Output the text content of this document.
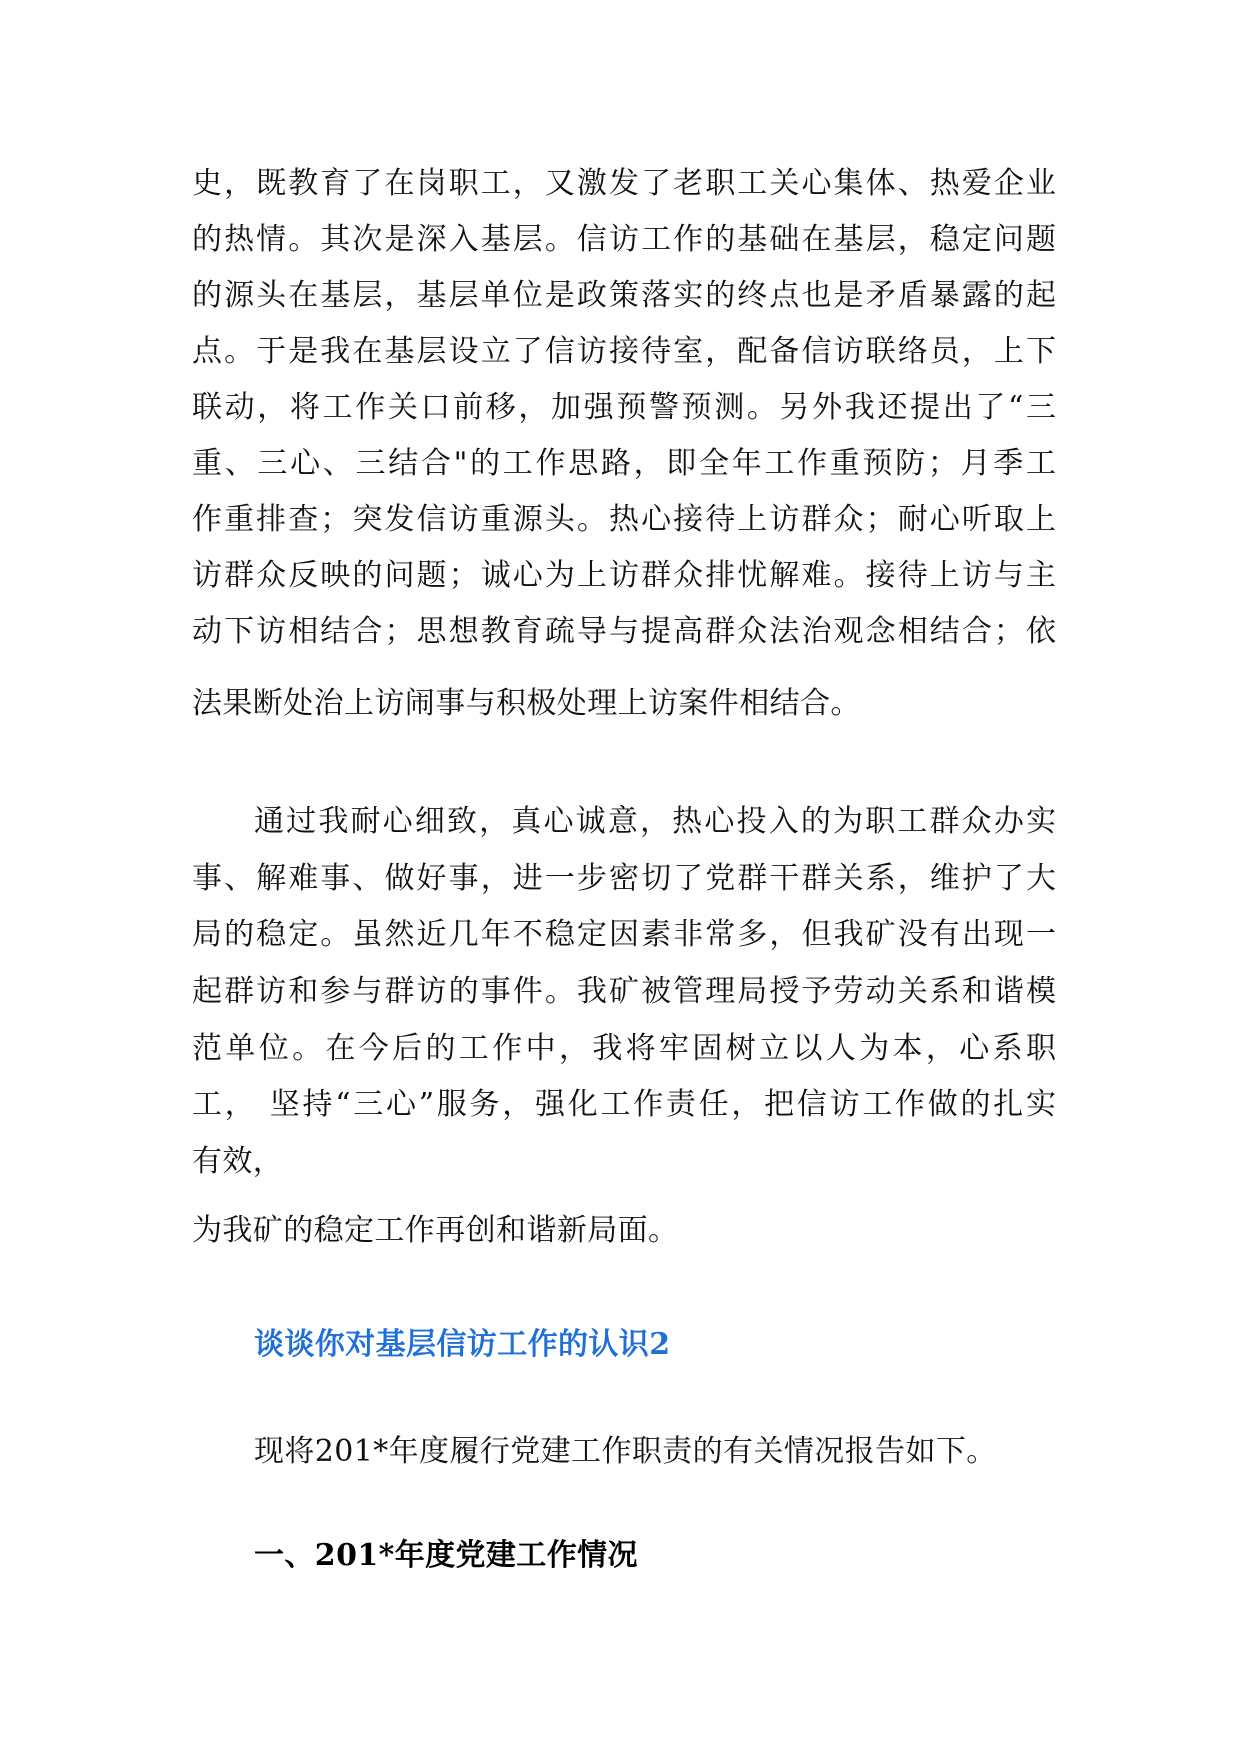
史，既教育了在岗职工，又激发了老职工关心集体、热爱企业
的热情。其次是深入基层。信访工作的基础在基层，稳定问题
的源头在基层，基层单位是政策落实的终点也是矛盾暴露的起
点。于是我在基层设立了信访接待室，配备信访联络员，上下
联动，将工作关口前移，加强预警预测。另外我还提出了“三
重、三心、三结合"的工作思路，即全年工作重预防；月季工
作重排查；突发信访重源头。热心接待上访群众；耐心听取上
访群众反映的问题；诚心为上访群众排忧解难。接待上访与主
动下访相结合；思想教育疏导与提高群众法治观念相结合；依
法果断处治上访闹事与积极处理上访案件相结合。
通过我耐心细致，真心诚意，热心投入的为职工群众办实
事、解难事、做好事，进一步密切了党群干群关系，维护了大
局的稳定。虽然近几年不稳定因素非常多，但我矿没有出现一
起群访和参与群访的事件。我矿被管理局授予劳动关系和谐模
范单位。在今后的工作中，我将牢固树立以人为本，心系职
工， 坚持“三心”服务，强化工作责任，把信访工作做的扎实
有效，
为我矿的稳定工作再创和谐新局面。
谈谈你对基层信访工作的认识2
现将201*年度履行党建工作职责的有关情况报告如下。
一、201*年度党建工作情况
